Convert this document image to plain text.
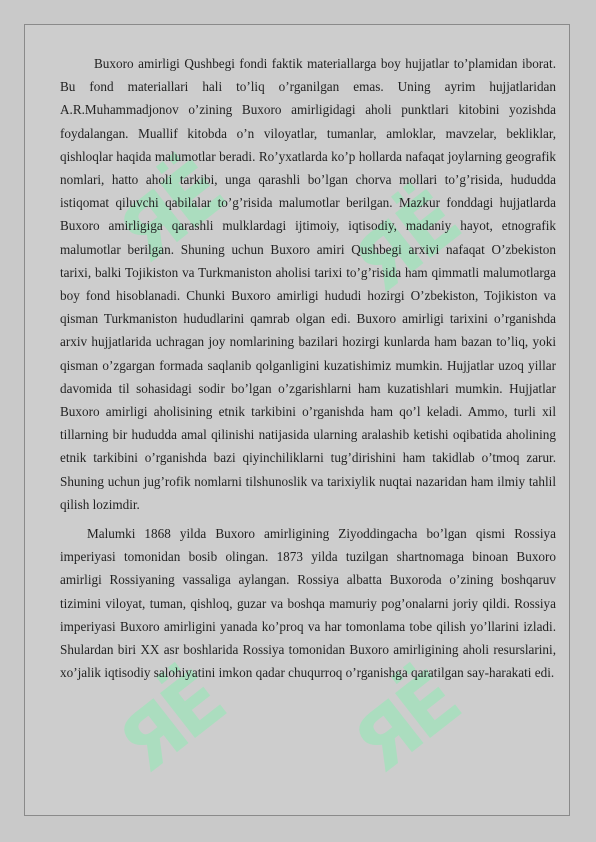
ЯЁ ЯЁ
ЯЁ ЯЁ

Buxoro amirligi Qushbegi fondi faktik materiallarga boy hujjatlar to’plamidan iborat. Bu fond materiallari hali to’liq o’rganilgan emas. Uning ayrim hujjatlaridan A.R.Muhammadjonov o’zining Buxoro amirligidagi aholi punktlari kitobini yozishda foydalangan. Muallif kitobda o’n viloyatlar, tumanlar, amloklar, mavzelar, bekliklar, qishloqlar haqida malumotlar beradi. Ro’yxatlarda ko’p hollarda nafaqat joylarning geografik nomlari, hatto aholi tarkibi, unga qarashli bo’lgan chorva mollari to’g’risida, hududda istiqomat qiluvchi qabilalar to’g’risida malumotlar berilgan. Mazkur fonddagi hujjatlarda Buxoro amirligiga qarashli mulklardagi ijtimoiy, iqtisodiy, madaniy hayot, etnografik malumotlar berilgan. Shuning uchun Buxoro amiri Qushbegi arxivi nafaqat O’zbekiston tarixi, balki Tojikiston va Turkmaniston aholisi tarixi to’g’risida ham qimmatli malumotlarga boy fond hisoblanadi. Chunki Buxoro amirligi hududi hozirgi O’zbekiston, Tojikiston va qisman Turkmaniston hududlarini qamrab olgan edi. Buxoro amirligi tarixini o’rganishda arxiv hujjatlarida uchragan joy nomlarining bazilari hozirgi kunlarda ham bazan to’liq, yoki qisman o’zgargan formada saqlanib qolganligini kuzatishimiz mumkin. Hujjatlar uzoq yillar davomida til sohasidagi sodir bo’lgan o’zgarishlarni ham kuzatishlari mumkin. Hujjatlar Buxoro amirligi aholisining etnik tarkibini o’rganishda ham qo’l keladi. Ammo, turli xil tillarning bir hududda amal qilinishi natijasida ularning aralashib ketishi oqibatida aholining etnik tarkibini o’rganishda bazi qiyinchiliklarni tug’dirishini ham takidlab o’tmoq zarur. Shuning uchun jug’rofik nomlarni tilshunoslik va tarixiylik nuqtai nazaridan ham ilmiy tahlil qilish lozimdir.

Malumki 1868 yilda Buxoro amirligining Ziyoddingacha bo’lgan qismi Rossiya imperiyasi tomonidan bosib olingan. 1873 yilda tuzilgan shartnomaga binoan Buxoro amirligi Rossiyaning vassaliga aylangan. Rossiya albatta Buxoroda o’zining boshqaruv tizimini viloyat, tuman, qishloq, guzar va boshqa mamuriy pog’onalarni joriy qildi. Rossiya imperiyasi Buxoro amirligini yanada ko’proq va har tomonlama tobe qilish yo’llarini izladi. Shulardan biri XX asr boshlarida Rossiya tomonidan Buxoro amirligining aholi resurslarini, xo’jalik iqtisodiy salohiyatini imkon qadar chuqurroq o’rganishga qaratilgan say-harakati edi.
